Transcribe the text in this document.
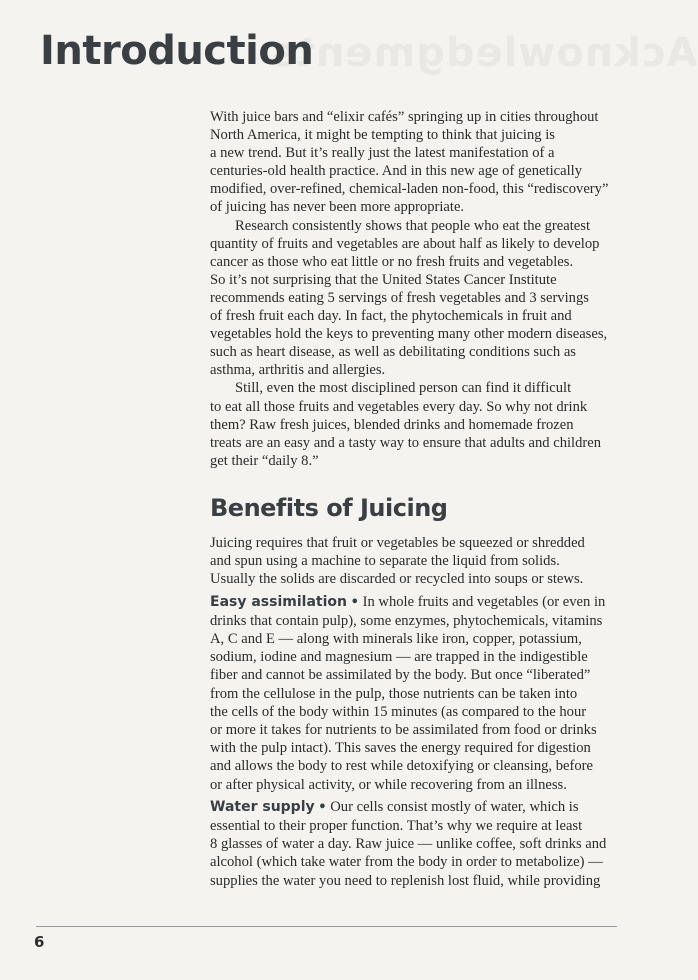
Acknowledgments
Introduction

With juice bars and “elixir cafés” springing up in cities throughout
North America, it might be tempting to think that juicing is
a new trend. But it’s really just the latest manifestation of a
centuries-old health practice. And in this new age of genetically
modified, over-refined, chemical-laden non-food, this “rediscovery”
of juicing has never been more appropriate.

Research consistently shows that people who eat the greatest
quantity of fruits and vegetables are about half as likely to develop
cancer as those who eat little or no fresh fruits and vegetables.
So it’s not surprising that the United States Cancer Institute
recommends eating 5 servings of fresh vegetables and 3 servings
of fresh fruit each day. In fact, the phytochemicals in fruit and
vegetables hold the keys to preventing many other modern diseases,
such as heart disease, as well as debilitating conditions such as
asthma, arthritis and allergies.

Still, even the most disciplined person can find it difficult
to eat all those fruits and vegetables every day. So why not drink
them? Raw fresh juices, blended drinks and homemade frozen
treats are an easy and a tasty way to ensure that adults and children
get their “daily 8.”

Benefits of Juicing

Juicing requires that fruit or vegetables be squeezed or shredded
and spun using a machine to separate the liquid from solids.
Usually the solids are discarded or recycled into soups or stews.

Easy assimilation • In whole fruits and vegetables (or even in
drinks that contain pulp), some enzymes, phytochemicals, vitamins
A, C and E — along with minerals like iron, copper, potassium,
sodium, iodine and magnesium — are trapped in the indigestible
fiber and cannot be assimilated by the body. But once “liberated”
from the cellulose in the pulp, those nutrients can be taken into
the cells of the body within 15 minutes (as compared to the hour
or more it takes for nutrients to be assimilated from food or drinks
with the pulp intact). This saves the energy required for digestion
and allows the body to rest while detoxifying or cleansing, before
or after physical activity, or while recovering from an illness.

Water supply • Our cells consist mostly of water, which is
essential to their proper function. That’s why we require at least
8 glasses of water a day. Raw juice — unlike coffee, soft drinks and
alcohol (which take water from the body in order to metabolize) —
supplies the water you need to replenish lost fluid, while providing

6
